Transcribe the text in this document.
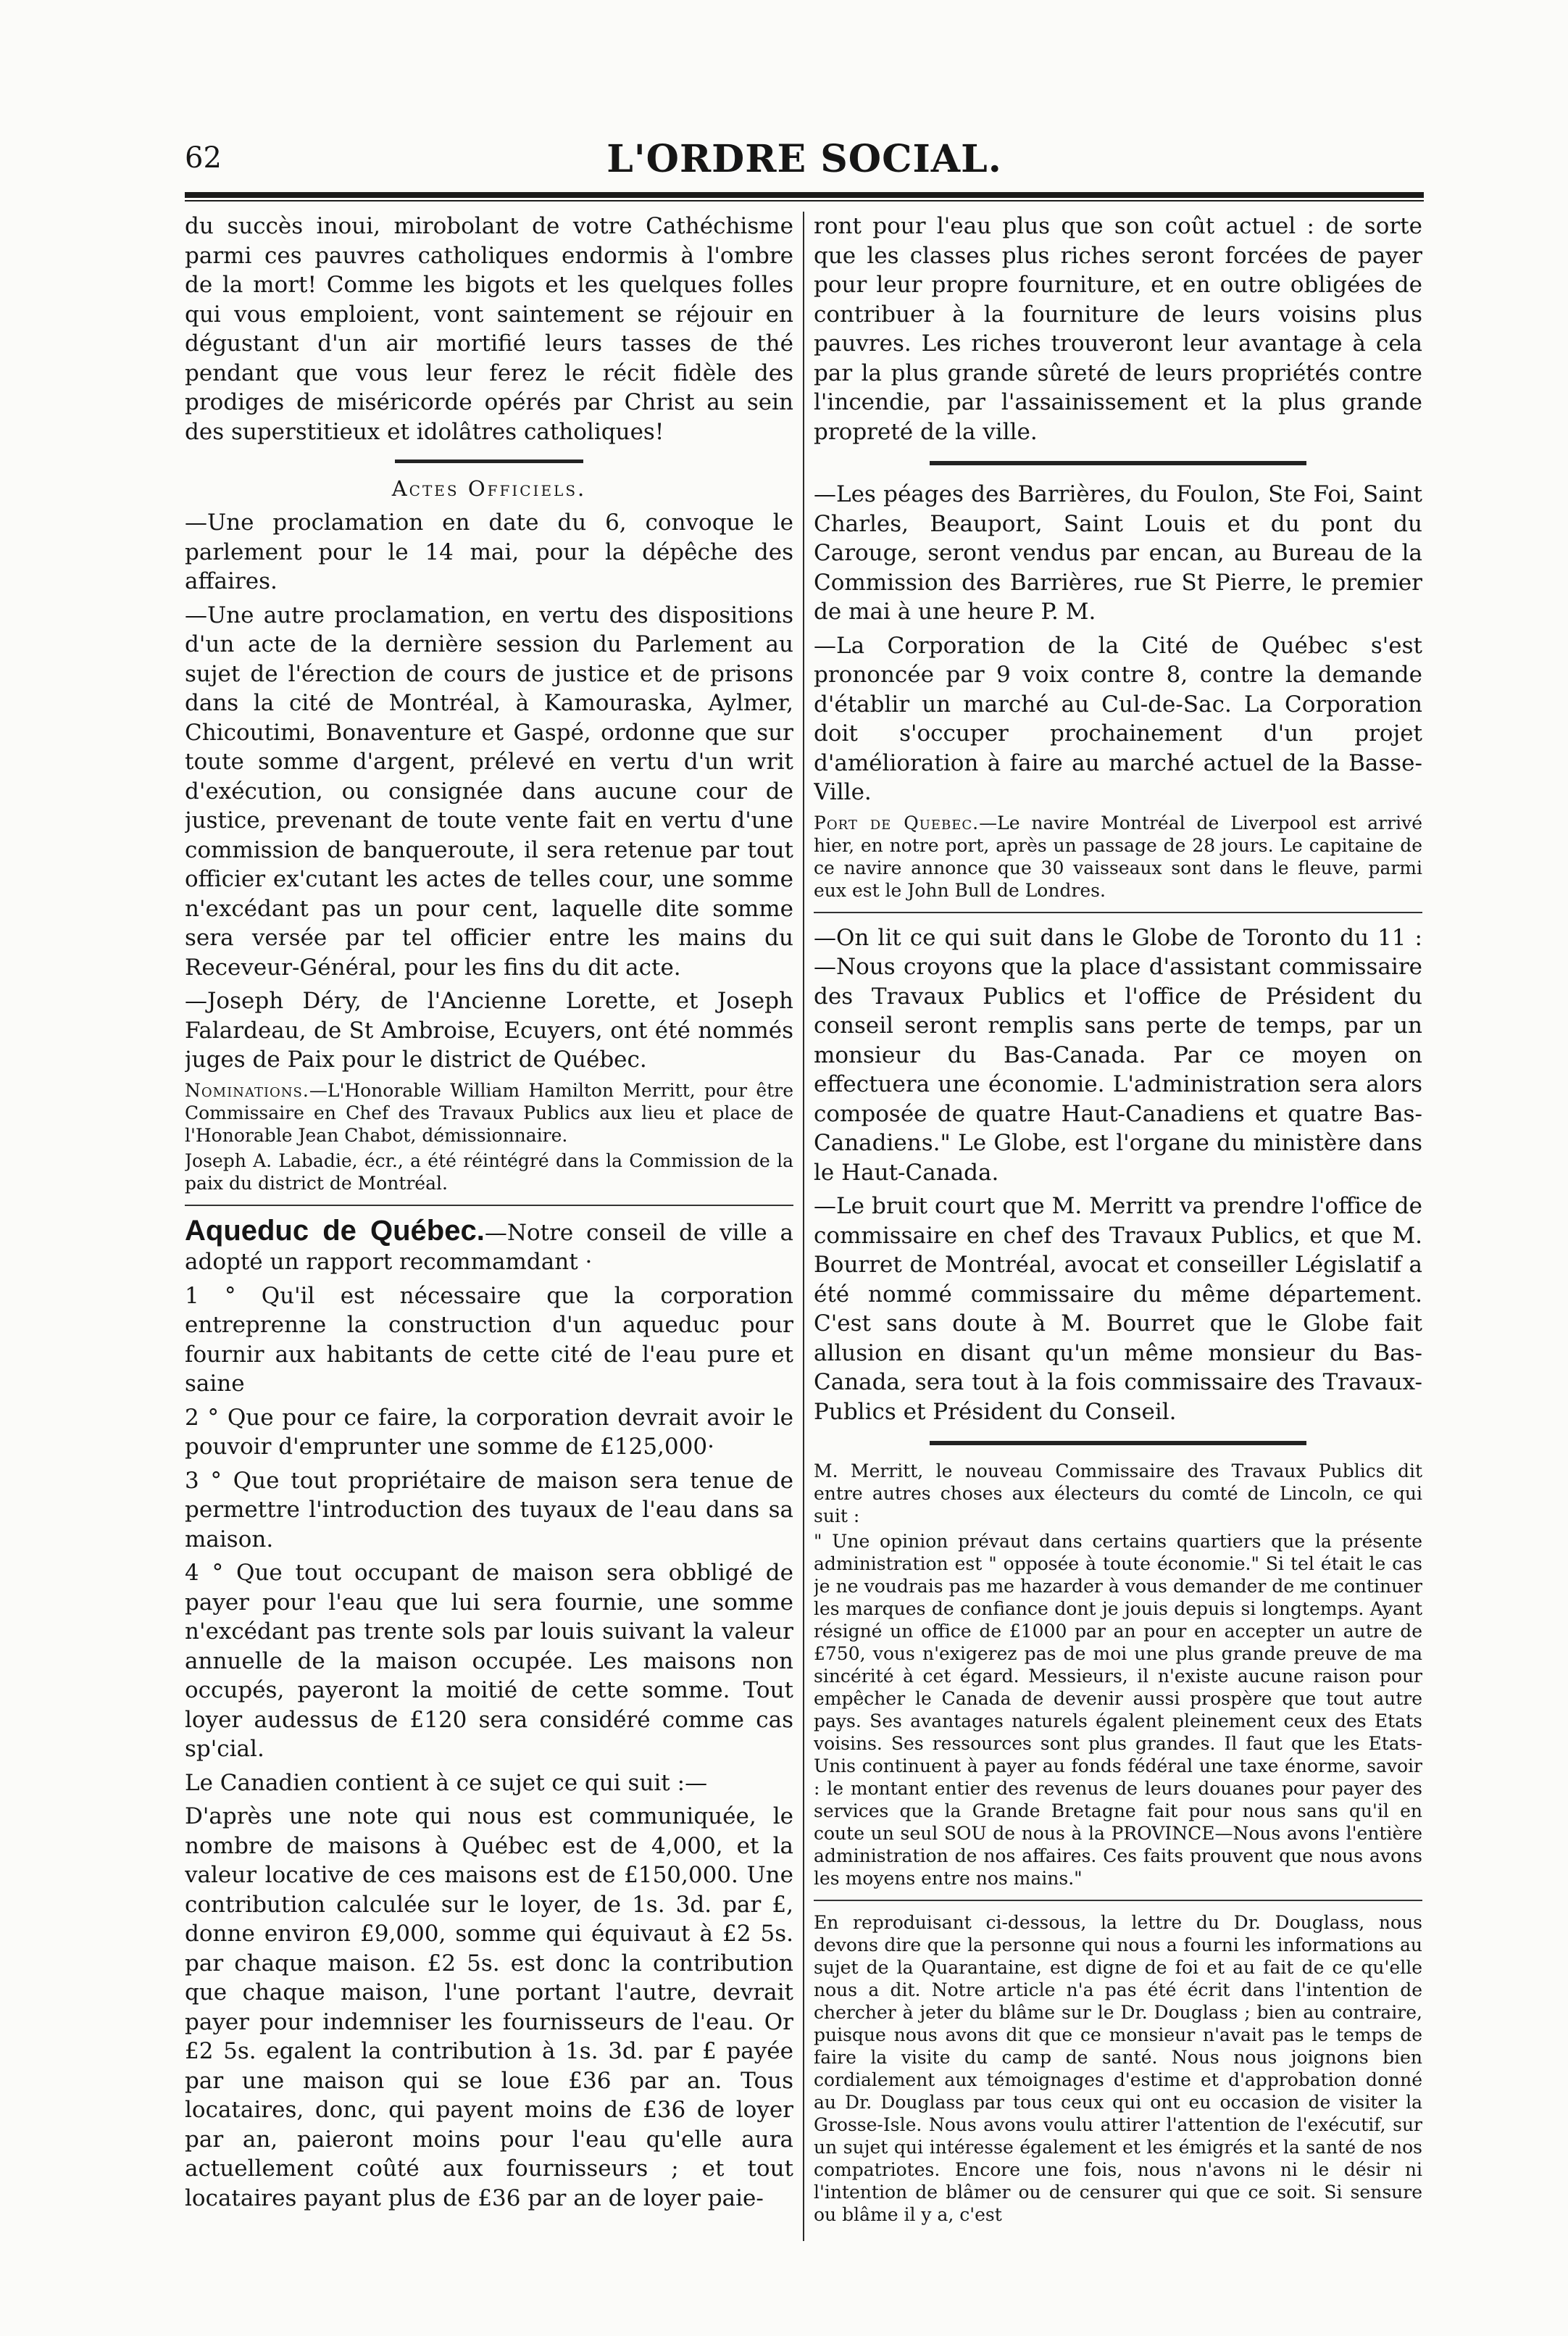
62	L'ORDRE SOCIAL.

du succès inoui, mirobolant de votre Cathéchisme parmi ces pauvres catholiques endormis à l'ombre de la mort! Comme les bigots et les quelques folles qui vous emploient, vont saintement se réjouir en dégustant d'un air mortifié leurs tasses de thé pendant que vous leur ferez le récit fidèle des prodiges de miséricorde opérés par Christ au sein des superstitieux et idolâtres catholiques!

Actes Officiels.

—Une proclamation en date du 6, convoque le parlement pour le 14 mai, pour la dépêche des affaires.

—Une autre proclamation, en vertu des dispositions d'un acte de la dernière session du Parlement au sujet de l'érection de cours de justice et de prisons dans la cité de Montréal, à Kamouraska, Aylmer, Chicoutimi, Bonaventure et Gaspé, ordonne que sur toute somme d'argent, prélevé en vertu d'un writ d'exécution, ou consignée dans aucune cour de justice, prevenant de toute vente fait en vertu d'une commission de banqueroute, il sera retenue par tout officier ex'cutant les actes de telles cour, une somme n'excédant pas un pour cent, laquelle dite somme sera versée par tel officier entre les mains du Receveur-Général, pour les fins du dit acte.

—Joseph Déry, de l'Ancienne Lorette, et Joseph Falardeau, de St Ambroise, Ecuyers, ont été nommés juges de Paix pour le district de Québec.

Nominations.—L'Honorable William Hamilton Merritt, pour être Commissaire en Chef des Travaux Publics aux lieu et place de l'Honorable Jean Chabot, démissionnaire.

Joseph A. Labadie, écr., a été réintégré dans la Commission de la paix du district de Montréal.

Aqueduc de Québec.—Notre conseil de ville a adopté un rapport recommamdant ·

1 ° Qu'il est nécessaire que la corporation entreprenne la construction d'un aqueduc pour fournir aux habitants de cette cité de l'eau pure et saine

2 ° Que pour ce faire, la corporation devrait avoir le pouvoir d'emprunter une somme de £125,000·

3 ° Que tout propriétaire de maison sera tenue de permettre l'introduction des tuyaux de l'eau dans sa maison.

4 ° Que tout occupant de maison sera obbligé de payer pour l'eau que lui sera fournie, une somme n'excédant pas trente sols par louis suivant la valeur annuelle de la maison occupée. Les maisons non occupés, payeront la moitié de cette somme. Tout loyer audessus de £120 sera considéré comme cas sp'cial.

Le Canadien contient à ce sujet ce qui suit :—

D'après une note qui nous est communiquée, le nombre de maisons à Québec est de 4,000, et la valeur locative de ces maisons est de £150,000. Une contribution calculée sur le loyer, de 1s. 3d. par £, donne environ £9,000, somme qui équivaut à £2 5s. par chaque maison. £2 5s. est donc la contribution que chaque maison, l'une portant l'autre, devrait payer pour indemniser les fournisseurs de l'eau. Or £2 5s. egalent la contribution à 1s. 3d. par £ payée par une maison qui se loue £36 par an. Tous locataires, donc, qui payent moins de £36 de loyer par an, paieront moins pour l'eau qu'elle aura actuellement coûté aux fournisseurs ; et tout locataires payant plus de £36 par an de loyer paie-

ront pour l'eau plus que son coût actuel : de sorte que les classes plus riches seront forcées de payer pour leur propre fourniture, et en outre obligées de contribuer à la fourniture de leurs voisins plus pauvres. Les riches trouveront leur avantage à cela par la plus grande sûreté de leurs propriétés contre l'incendie, par l'assainissement et la plus grande propreté de la ville.

—Les péages des Barrières, du Foulon, Ste Foi, Saint Charles, Beauport, Saint Louis et du pont du Carouge, seront vendus par encan, au Bureau de la Commission des Barrières, rue St Pierre, le premier de mai à une heure P. M.

—La Corporation de la Cité de Québec s'est prononcée par 9 voix contre 8, contre la demande d'établir un marché au Cul-de-Sac. La Corporation doit s'occuper prochainement d'un projet d'amélioration à faire au marché actuel de la Basse-Ville.

Port de Quebec.—Le navire Montréal de Liverpool est arrivé hier, en notre port, après un passage de 28 jours. Le capitaine de ce navire annonce que 30 vaisseaux sont dans le fleuve, parmi eux est le John Bull de Londres.

—On lit ce qui suit dans le Globe de Toronto du 11 :—Nous croyons que la place d'assistant commissaire des Travaux Publics et l'office de Président du conseil seront remplis sans perte de temps, par un monsieur du Bas-Canada. Par ce moyen on effectuera une économie. L'administration sera alors composée de quatre Haut-Canadiens et quatre Bas-Canadiens." Le Globe, est l'organe du ministère dans le Haut-Canada.

—Le bruit court que M. Merritt va prendre l'office de commissaire en chef des Travaux Publics, et que M. Bourret de Montréal, avocat et conseiller Législatif a été nommé commissaire du même département. C'est sans doute à M. Bourret que le Globe fait allusion en disant qu'un même monsieur du Bas-Canada, sera tout à la fois commissaire des Travaux-Publics et Président du Conseil.

M. Merritt, le nouveau Commissaire des Travaux Publics dit entre autres choses aux électeurs du comté de Lincoln, ce qui suit :

" Une opinion prévaut dans certains quartiers que la présente administration est " opposée à toute économie." Si tel était le cas je ne voudrais pas me hazarder à vous demander de me continuer les marques de confiance dont je jouis depuis si longtemps. Ayant résigné un office de £1000 par an pour en accepter un autre de £750, vous n'exigerez pas de moi une plus grande preuve de ma sincérité à cet égard. Messieurs, il n'existe aucune raison pour empêcher le Canada de devenir aussi prospère que tout autre pays. Ses avantages naturels égalent pleinement ceux des Etats voisins. Ses ressources sont plus grandes. Il faut que les Etats-Unis continuent à payer au fonds fédéral une taxe énorme, savoir : le montant entier des revenus de leurs douanes pour payer des services que la Grande Bretagne fait pour nous sans qu'il en coute un seul SOU de nous à la PROVINCE—Nous avons l'entière administration de nos affaires. Ces faits prouvent que nous avons les moyens entre nos mains."

En reproduisant ci-dessous, la lettre du Dr. Douglass, nous devons dire que la personne qui nous a fourni les informations au sujet de la Quarantaine, est digne de foi et au fait de ce qu'elle nous a dit. Notre article n'a pas été écrit dans l'intention de chercher à jeter du blâme sur le Dr. Douglass ; bien au contraire, puisque nous avons dit que ce monsieur n'avait pas le temps de faire la visite du camp de santé. Nous nous joignons bien cordialement aux témoignages d'estime et d'approbation donné au Dr. Douglass par tous ceux qui ont eu occasion de visiter la Grosse-Isle. Nous avons voulu attirer l'attention de l'exécutif, sur un sujet qui intéresse également et les émigrés et la santé de nos compatriotes. Encore une fois, nous n'avons ni le désir ni l'intention de blâmer ou de censurer qui que ce soit. Si sensure ou blâme il y a, c'est
